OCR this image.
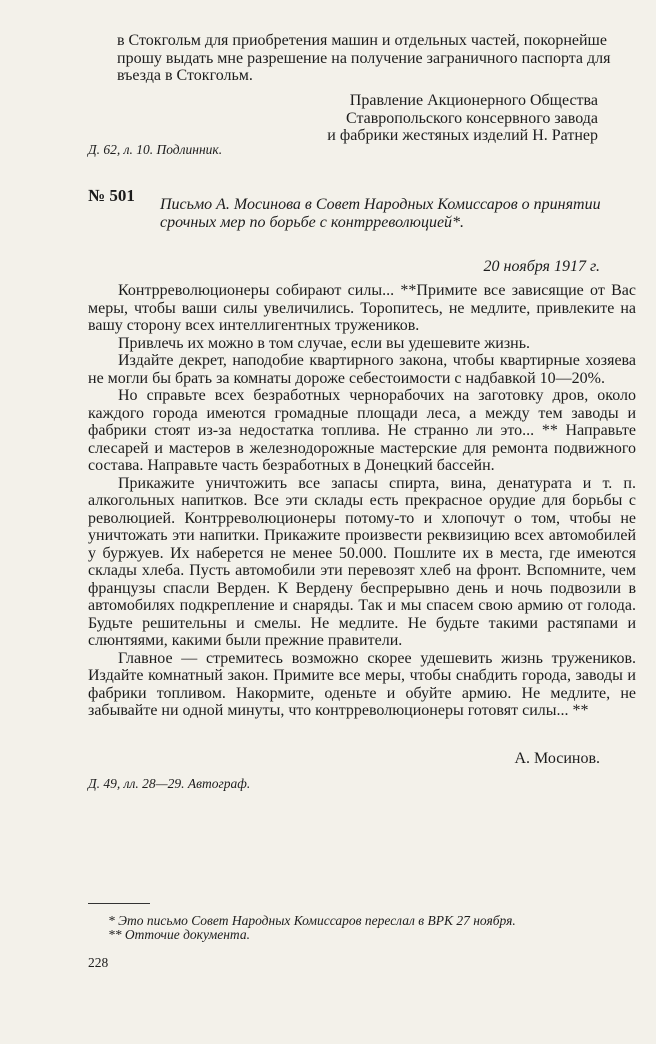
в Стокгольм для приобретения машин и отдельных частей, покорнейше
прошу выдать мне разрешение на получение заграничного паспорта для
въезда в Стокгольм.
Правление Акционерного Общества
Ставропольского консервного завода
и фабрики жестяных изделий Н. Ратнер
Д. 62, л. 10. Подлинник.
№ 501 Письмо А. Мосинова в Совет Народных Комиссаров о принятии
срочных мер по борьбе с контрреволюцией*.
20 ноября 1917 г.

Контрреволюционеры собирают силы... **Примите все зависящие от Вас меры, чтобы ваши силы увеличились. Торопитесь, не медлите, привлеките на вашу сторону всех интеллигентных тружеников.

Привлечь их можно в том случае, если вы удешевите жизнь.

Издайте декрет, наподобие квартирного закона, чтобы квартирные хозяева не могли бы брать за комнаты дороже себестоимости с надбавкой 10—20%.

Но справьте всех безработных чернорабочих на заготовку дров, около каждого города имеются громадные площади леса, а между тем заводы и фабрики стоят из-за недостатка топлива. Не странно ли это... ** Направьте слесарей и мастеров в железнодорожные мастерские для ремонта подвижного состава. Направьте часть безработных в Донецкий бассейн.

Прикажите уничтожить все запасы спирта, вина, денатурата и т. п. алкогольных напитков. Все эти склады есть прекрасное орудие для борьбы с революцией. Контрреволюционеры потому-то и хлопочут о том, чтобы не уничтожать эти напитки. Прикажите произвести реквизицию всех автомобилей у буржуев. Их наберется не менее 50.000. Пошлите их в места, где имеются склады хлеба. Пусть автомобили эти перевозят хлеб на фронт. Вспомните, чем французы спасли Верден. К Вердену беспрерывно день и ночь подвозили в автомобилях подкрепление и снаряды. Так и мы спасем свою армию от голода. Будьте решительны и смелы. Не медлите. Не будьте такими растяпами и слюнтяями, какими были прежние правители.

Главное — стремитесь возможно скорее удешевить жизнь тружеников. Издайте комнатный закон. Примите все меры, чтобы снабдить города, заводы и фабрики топливом. Накормите, оденьте и обуйте армию. Не медлите, не забывайте ни одной минуты, что контрреволюционеры готовят силы... **

А. Мосинов.
Д. 49, лл. 28—29. Автограф.
* Это письмо Совет Народных Комиссаров переслал в ВРК 27 ноября.
** Отточие документа.
228
